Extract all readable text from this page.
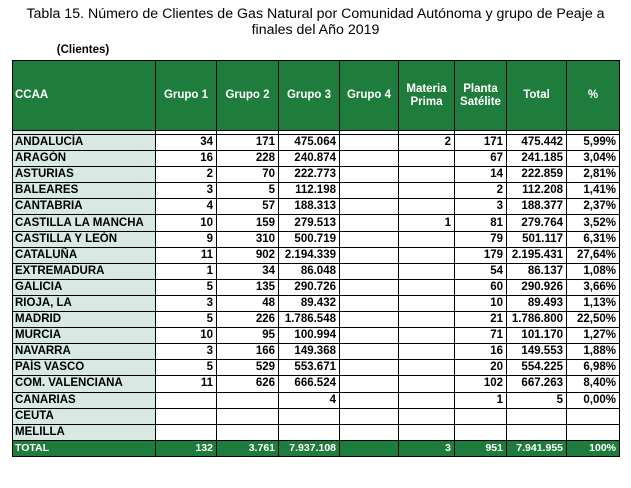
Tabla 15. Número de Clientes de Gas Natural por Comunidad Autónoma y grupo de Peaje a
finales del Año 2019
(Clientes)
CCAA	Grupo 1	Grupo 2	Grupo 3	Grupo 4	Materia Prima	Planta Satélite	Total	%

ANDALUCÍA	34	171	475.064		2	171	475.442	5,99%
ARAGÓN	16	228	240.874			67	241.185	3,04%
ASTURIAS	2	70	222.773			14	222.859	2,81%
BALEARES	3	5	112.198			2	112.208	1,41%
CANTABRIA	4	57	188.313			3	188.377	2,37%
CASTILLA LA MANCHA	10	159	279.513		1	81	279.764	3,52%
CASTILLA Y LEÓN	9	310	500.719			79	501.117	6,31%
CATALUÑA	11	902	2.194.339			179	2.195.431	27,64%
EXTREMADURA	1	34	86.048			54	86.137	1,08%
GALICIA	5	135	290.726			60	290.926	3,66%
RIOJA, LA	3	48	89.432			10	89.493	1,13%
MADRID	5	226	1.786.548			21	1.786.800	22,50%
MURCIA	10	95	100.994			71	101.170	1,27%
NAVARRA	3	166	149.368			16	149.553	1,88%
PAÍS VASCO	5	529	553.671			20	554.225	6,98%
COM. VALENCIANA	11	626	666.524			102	667.263	8,40%
CANARIAS			4			1	5	0,00%
CEUTA								
MELILLA								
TOTAL	132	3.761	7.937.108		3	951	7.941.955	100%
